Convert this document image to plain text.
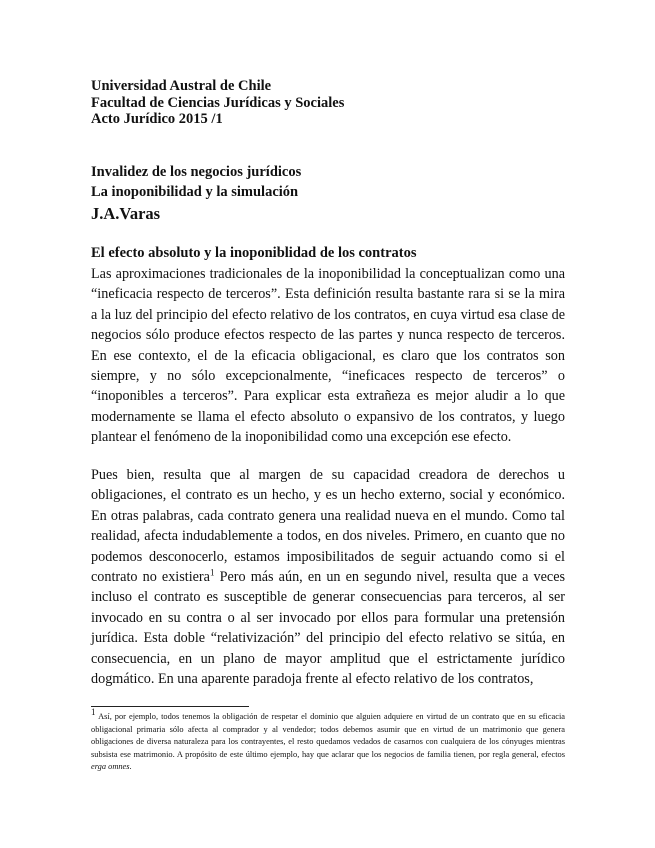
Universidad Austral de Chile
Facultad de Ciencias Jurídicas y Sociales
Acto Jurídico 2015 /1
Invalidez de los negocios jurídicos
La inoponibilidad y la simulación
J.A.Varas
El efecto absoluto y la inoponiblidad de los contratos
Las aproximaciones tradicionales de la inoponibilidad la conceptualizan como una “ineficacia respecto de terceros”. Esta definición resulta bastante rara si se la mira a la luz del principio del efecto relativo de los contratos, en cuya virtud esa clase de negocios sólo produce efectos respecto de las partes y nunca respecto de terceros. En ese contexto, el de la eficacia obligacional, es claro que los contratos son siempre, y no sólo excepcionalmente, “ineficaces respecto de terceros” o “inoponibles a terceros”. Para explicar esta extrañeza es mejor aludir a lo que modernamente se llama el efecto absoluto o expansivo de los contratos, y luego plantear el fenómeno de la inoponibilidad como una excepción ese efecto.
Pues bien, resulta que al margen de su capacidad creadora de derechos u obligaciones, el contrato es un hecho, y es un hecho externo, social y económico. En otras palabras, cada contrato genera una realidad nueva en el mundo. Como tal realidad, afecta indudablemente a todos, en dos niveles. Primero, en cuanto que no podemos desconocerlo, estamos imposibilitados de seguir actuando como si el contrato no existiera$^1$ Pero más aún, en un en segundo nivel, resulta que a veces incluso el contrato es susceptible de generar consecuencias para terceros, al ser invocado en su contra o al ser invocado por ellos para formular una pretensión jurídica. Esta doble “relativización” del principio del efecto relativo se sitúa, en consecuencia, en un plano de mayor amplitud que el estrictamente jurídico dogmático. En una aparente paradoja frente al efecto relativo de los contratos,
$^1$ Así, por ejemplo, todos tenemos la obligación de respetar el dominio que alguien adquiere en virtud de un contrato que en su eficacia obligacional primaria sólo afecta al comprador y al vendedor; todos debemos asumir que en virtud de un matrimonio que genera obligaciones de diversa naturaleza para los contrayentes, el resto quedamos vedados de casarnos con cualquiera de los cónyuges mientras subsista ese matrimonio. A propósito de este último ejemplo, hay que aclarar que los negocios de familia tienen, por regla general, efectos erga omnes.
